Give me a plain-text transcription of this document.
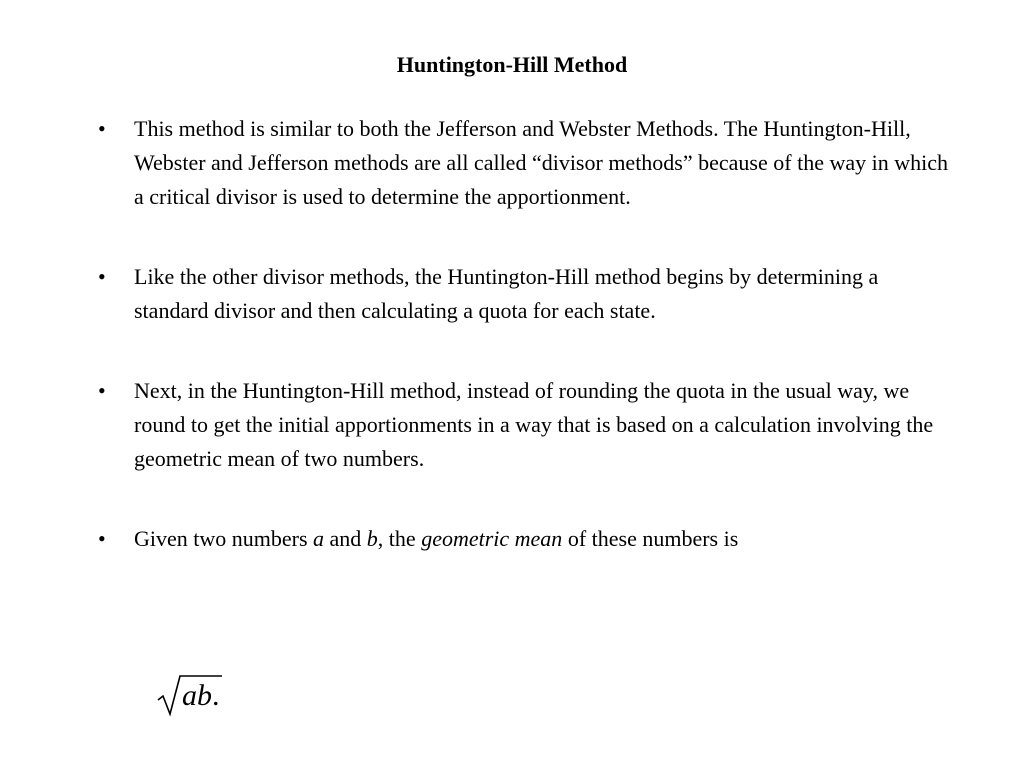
Huntington-Hill Method
• This method is similar to both the Jefferson and Webster Methods. The Huntington-Hill, Webster and Jefferson methods are all called “divisor methods” because of the way in which a critical divisor is used to determine the apportionment.
• Like the other divisor methods, the Huntington-Hill method begins by determining a standard divisor and then calculating a quota for each state.
• Next, in the Huntington-Hill method, instead of rounding the quota in the usual way, we round to get the initial apportionments in a way that is based on a calculation involving the geometric mean of two numbers.
• Given two numbers a and b, the geometric mean of these numbers is
ab.
